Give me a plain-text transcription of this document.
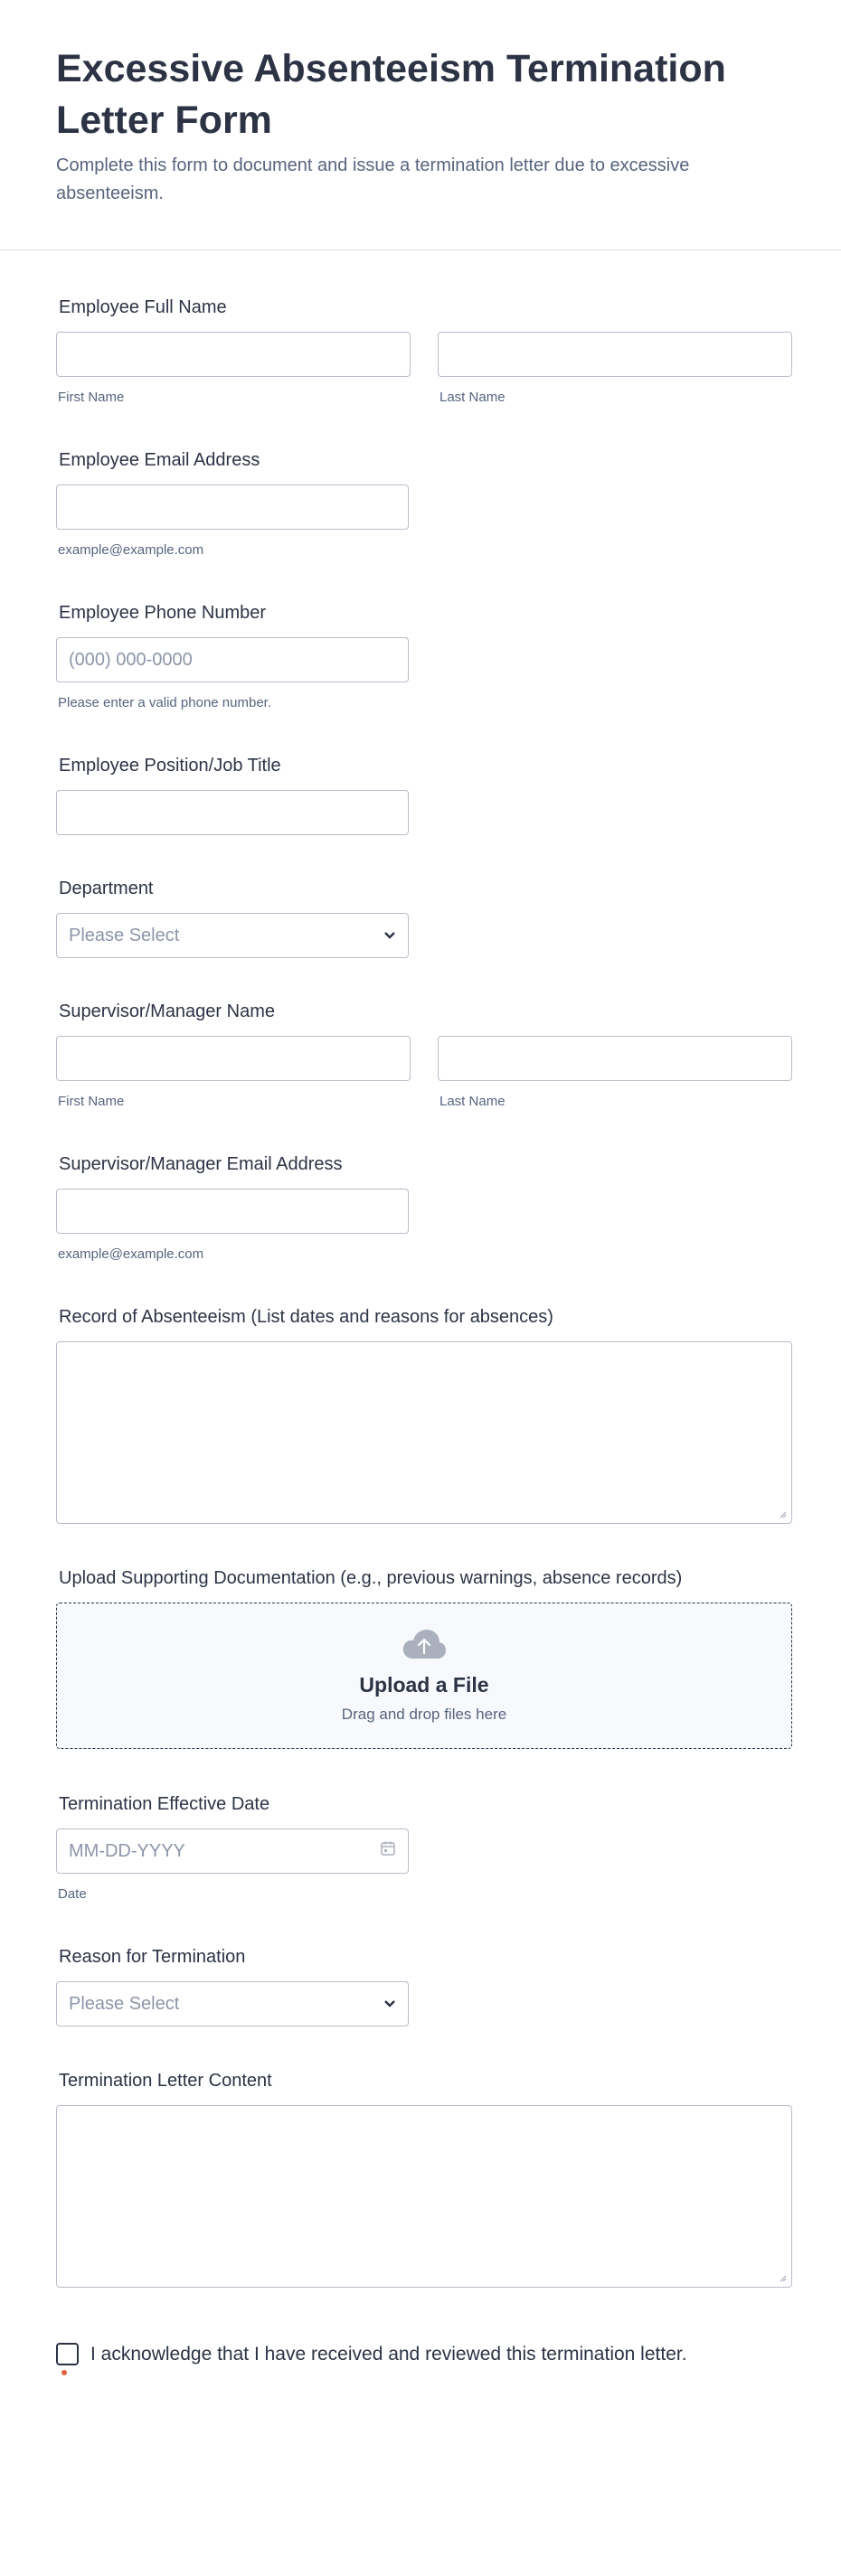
Excessive Absenteeism Termination Letter Form
Complete this form to document and issue a termination letter due to excessive absenteeism.
Employee Full Name
First Name	Last Name
Employee Email Address
example@example.com
Employee Phone Number
(000) 000-0000
Please enter a valid phone number.
Employee Position/Job Title
Department
Please Select
Supervisor/Manager Name
First Name	Last Name
Supervisor/Manager Email Address
example@example.com
Record of Absenteeism (List dates and reasons for absences)
Upload Supporting Documentation (e.g., previous warnings, absence records)
Upload a File
Drag and drop files here
Termination Effective Date
MM-DD-YYYY
Date
Reason for Termination
Please Select
Termination Letter Content
I acknowledge that I have received and reviewed this termination letter.
